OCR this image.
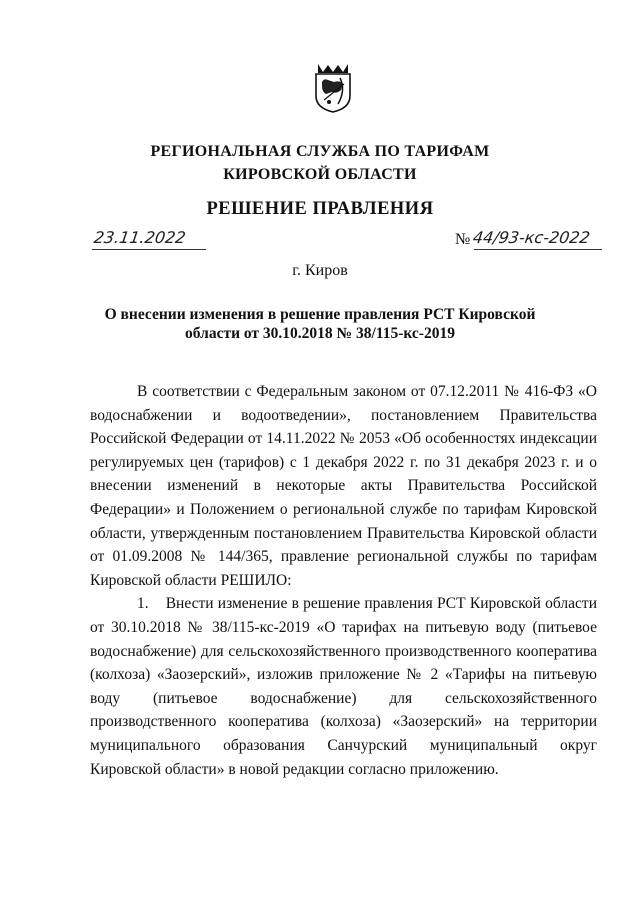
РЕГИОНАЛЬНАЯ СЛУЖБА ПО ТАРИФАМ
КИРОВСКОЙ ОБЛАСТИ
РЕШЕНИЕ ПРАВЛЕНИЯ
23.11.2022	№ 44/93-кс-2022
г. Киров
О внесении изменения в решение правления РСТ Кировской
области от 30.10.2018 № 38/115-кс-2019

В соответствии с Федеральным законом от 07.12.2011 № 416-ФЗ «О водоснабжении и водоотведении», постановлением Правительства Российской Федерации от 14.11.2022 № 2053 «Об особенностях индексации регулируемых цен (тарифов) с 1 декабря 2022 г. по 31 декабря 2023 г. и о внесении изменений в некоторые акты Правительства Российской Федерации» и Положением о региональной службе по тарифам Кировской области, утвержденным постановлением Правительства Кировской области от 01.09.2008 № 144/365, правление региональной службы по тарифам Кировской области РЕШИЛО:

1.    Внести изменение в решение правления РСТ Кировской области от 30.10.2018 № 38/115-кс-2019 «О тарифах на питьевую воду (питьевое водоснабжение) для сельскохозяйственного производственного кооператива (колхоза) «Заозерский», изложив приложение № 2 «Тарифы на питьевую воду (питьевое водоснабжение) для сельскохозяйственного производственного кооператива (колхоза) «Заозерский» на территории муниципального образования Санчурский муниципальный округ Кировской области» в новой редакции согласно приложению.
